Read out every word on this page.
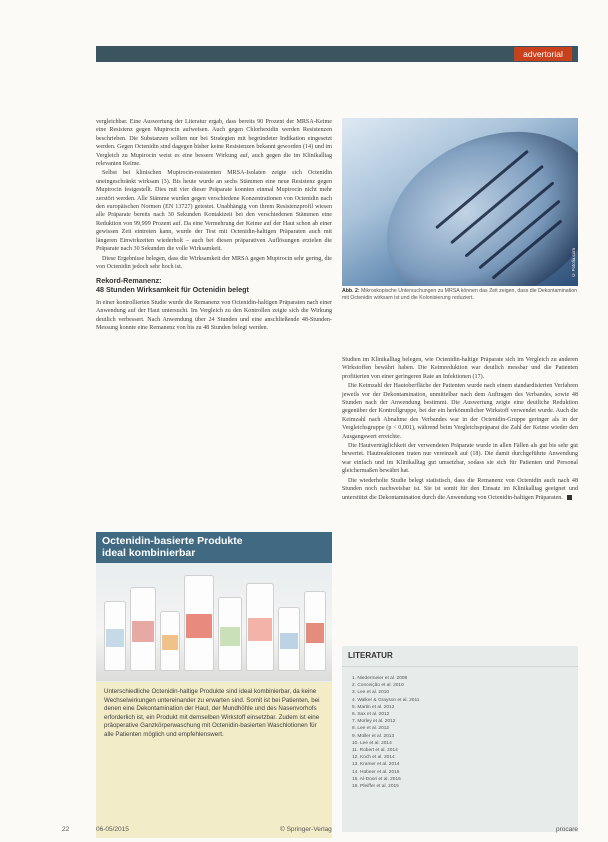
advertorial

vergleichbar. Eine Auswertung der Literatur ergab, dass bereits 90 Prozent der MRSA-Keime eine Resistenz gegen Mupirocin aufweisen. Auch gegen Chlorhexidin werden Resistenzen beschrieben. Die Substanzen sollten nur bei Strategien mit begründeter Indikation eingesetzt werden. Gegen Octenidin sind dagegen bisher keine Resistenzen bekannt geworden (14) und im Vergleich zu Mupirocin weist es eine bessere Wirkung auf, auch gegen die im Klinikalltag relevanten Keime.

Selbst bei klinischen Mupirocin-resistenten MRSA-Isolaten zeigte sich Octenidin uneingeschränkt wirksam (3). Bis heute wurde an sechs Stämmen eine neue Resistenz gegen Mupirocin festgestellt. Dies mit vier dieser Präparate konnten einmal Mupirocin nicht mehr zerstört werden. Alle Stämme wurden gegen verschiedene Konzentrationen von Octenidin nach den europäischen Normen (EN 13727) getestet. Unabhängig von ihrem Resistenzprofil wiesen alle Präparate bereits nach 30 Sekunden Kontaktzeit bei den verschiedenen Stämmen eine Reduktion von 99,999 Prozent auf. Da eine Vermehrung der Keime auf der Haut schon ab einer gewissen Zeit eintreten kann, wurde der Test mit Octenidin-haltigen Präparaten auch mit längeren Einwirkzeiten wiederholt – auch bei diesen präparativen Auflösungen erzielen die Präparate nach 30 Sekunden die volle Wirksamkeit.

Diese Ergebnisse belegen, dass die Wirksamkeit der MRSA gegen Mupirocin sehr gering, die von Octenidin jedoch sehr hoch ist.

Rekord-Remanenz:
48 Stunden Wirksamkeit für Octenidin belegt

In einer kontrollierten Studie wurde die Remanenz von Octenidin-haltigen Präparaten nach einer Anwendung auf der Haut untersucht. Im Vergleich zu den Kontrollen zeigte sich die Wirkung deutlich verbessert. Nach Anwendung über 24 Stunden und eine anschließende 48-Stunden-Messung konnte eine Remanenz von bis zu 48 Stunden belegt werden.

© Fotolia.com
Abb. 2: Mikroskopische Untersuchungen zu MRSA können das Zeit zeigen, dass die Dekontamination mit Octenidin wirksam ist und die Kolonisierung reduziert.

Studien im Klinikalltag belegen, wie Octenidin-haltige Präparate sich im Vergleich zu anderen Wirkstoffen bewährt haben. Die Keimreduktion war deutlich messbar und die Patienten profitierten von einer geringeren Rate an Infektionen (17).

Die Keimzahl der Hautoberfläche der Patienten wurde nach einem standardisierten Verfahren jeweils vor der Dekontamination, unmittelbar nach dem Auftragen des Verbandes, sowie 48 Stunden nach der Anwendung bestimmt. Die Auswertung zeigte eine deutliche Reduktion gegenüber der Kontrollgruppe, bei der ein herkömmlicher Wirkstoff verwendet wurde. Auch die Keimzahl nach Abnahme des Verbandes war in der Octenidin-Gruppe geringer als in der Vergleichsgruppe (p < 0,001), während beim Vergleichspräparat die Zahl der Keime wieder den Ausgangswert erreichte.

Die Hautverträglichkeit der verwendeten Präparate wurde in allen Fällen als gut bis sehr gut bewertet. Hautreaktionen traten nur vereinzelt auf (18). Die damit durchgeführte Anwendung war einfach und im Klinikalltag gut umsetzbar, sodass sie sich für Patienten und Personal gleichermaßen bewährt hat.

Die wiederholte Studie belegt statistisch, dass die Remanenz von Octenidin auch nach 48 Stunden noch nachweisbar ist. Sie ist somit für den Einsatz im Klinikalltag geeignet und unterstützt die Dekontamination durch die Anwendung von Octenidin-haltigen Präparaten.

Octenidin-basierte Produkte
ideal kombinierbar
Unterschiedliche Octenidin-haltige Produkte sind ideal kombinierbar, da keine Wechselwirkungen untereinander zu erwarten sind. Somit ist bei Patienten, bei denen eine Dekontamination der Haut, der Mundhöhle und des Nasenvorhofs erforderlich ist, ein Produkt mit demselben Wirkstoff einsetzbar. Zudem ist eine präoperative Ganzkörperwaschung mit Octenidin-basierten Waschlotionen für alle Patienten möglich und empfehlenswert.
LITERATUR
1. Niedermeier et al. 2008
2. Conceição et al. 2010
3. Lee et al. 2010
4. Walker & Grayson et al. 2011
5. Martin et al. 2012
6. Sax et al. 2012
7. Morley et al. 2012
8. Lee et al. 2012
9. Müller et al. 2013
10. Lee et al. 2014
11. Robert et al. 2014
12. Koch et al. 2014
13. Kramer et al. 2014
14. Hübner et al. 2015
15. Al-Doori et al. 2015
16. Pfeiffer et al. 2015
22	06-05/2015	© Springer-Verlag	procare
